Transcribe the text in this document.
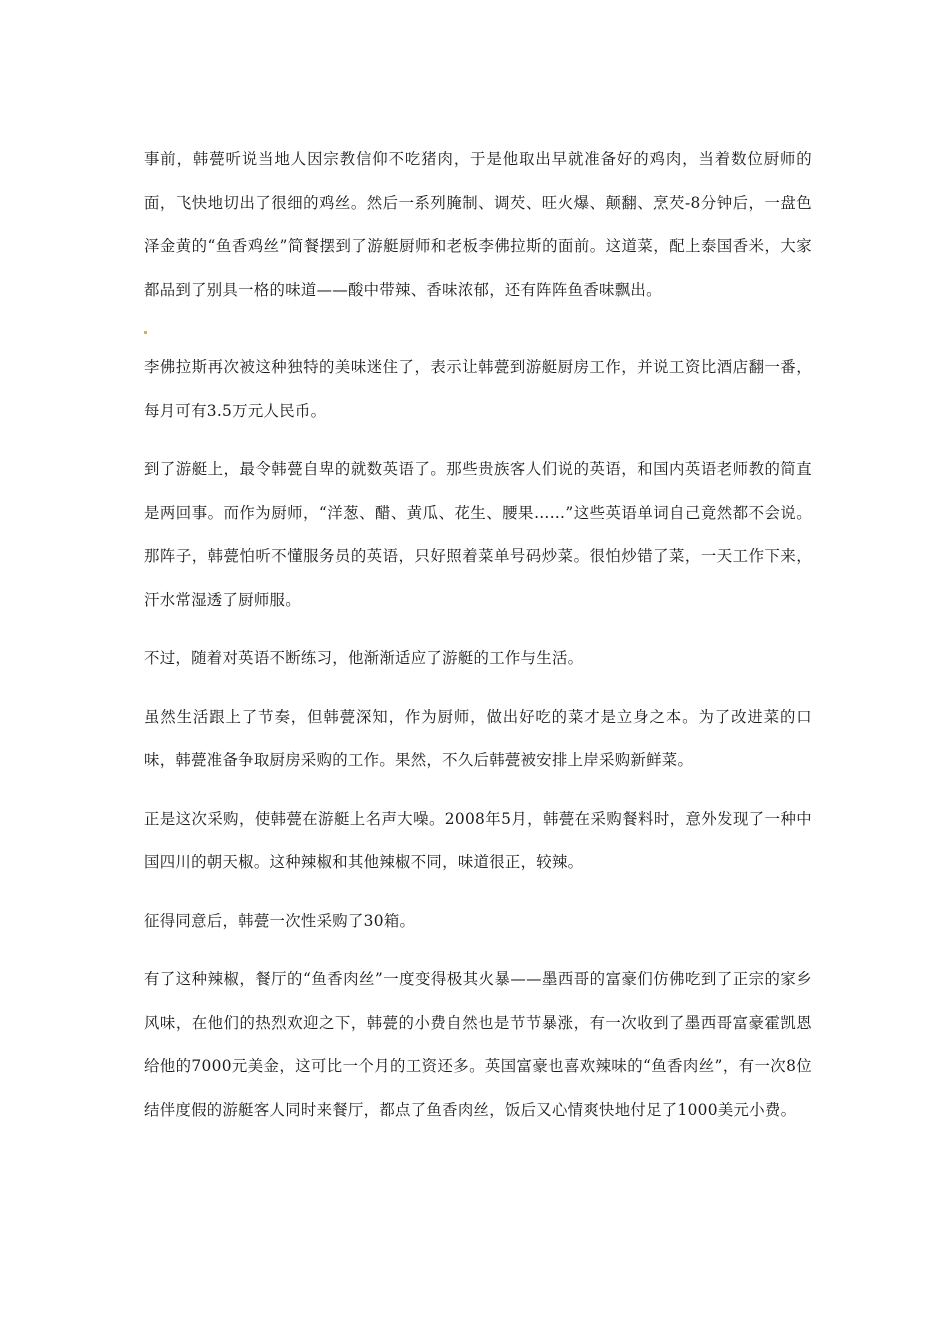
事前，韩甍听说当地人因宗教信仰不吃猪肉，于是他取出早就准备好的鸡肉，当着数位厨师的面，飞快地切出了很细的鸡丝。然后一系列腌制、调芡、旺火爆、颠翻、烹芡-8分钟后，一盘色泽金黄的“鱼香鸡丝”简餐摆到了游艇厨师和老板李佛拉斯的面前。这道菜，配上泰国香米，大家都品到了别具一格的味道——酸中带辣、香味浓郁，还有阵阵鱼香味飘出。

李佛拉斯再次被这种独特的美味迷住了，表示让韩甍到游艇厨房工作，并说工资比酒店翻一番，每月可有3.5万元人民币。

到了游艇上，最令韩甍自卑的就数英语了。那些贵族客人们说的英语，和国内英语老师教的简直是两回事。而作为厨师，“洋葱、醋、黄瓜、花生、腰果……”这些英语单词自己竟然都不会说。那阵子，韩甍怕听不懂服务员的英语，只好照着菜单号码炒菜。很怕炒错了菜，一天工作下来，汗水常湿透了厨师服。

不过，随着对英语不断练习，他渐渐适应了游艇的工作与生活。

虽然生活跟上了节奏，但韩甍深知，作为厨师，做出好吃的菜才是立身之本。为了改进菜的口味，韩甍准备争取厨房采购的工作。果然，不久后韩甍被安排上岸采购新鲜菜。

正是这次采购，使韩甍在游艇上名声大噪。2008年5月，韩甍在采购餐料时，意外发现了一种中国四川的朝天椒。这种辣椒和其他辣椒不同，味道很正，较辣。

征得同意后，韩甍一次性采购了30箱。

有了这种辣椒，餐厅的“鱼香肉丝”一度变得极其火暴——墨西哥的富豪们仿佛吃到了正宗的家乡风味，在他们的热烈欢迎之下，韩甍的小费自然也是节节暴涨，有一次收到了墨西哥富豪霍凯恩给他的7000元美金，这可比一个月的工资还多。英国富豪也喜欢辣味的“鱼香肉丝”，有一次8位结伴度假的游艇客人同时来餐厅，都点了鱼香肉丝，饭后又心情爽快地付足了1000美元小费。
